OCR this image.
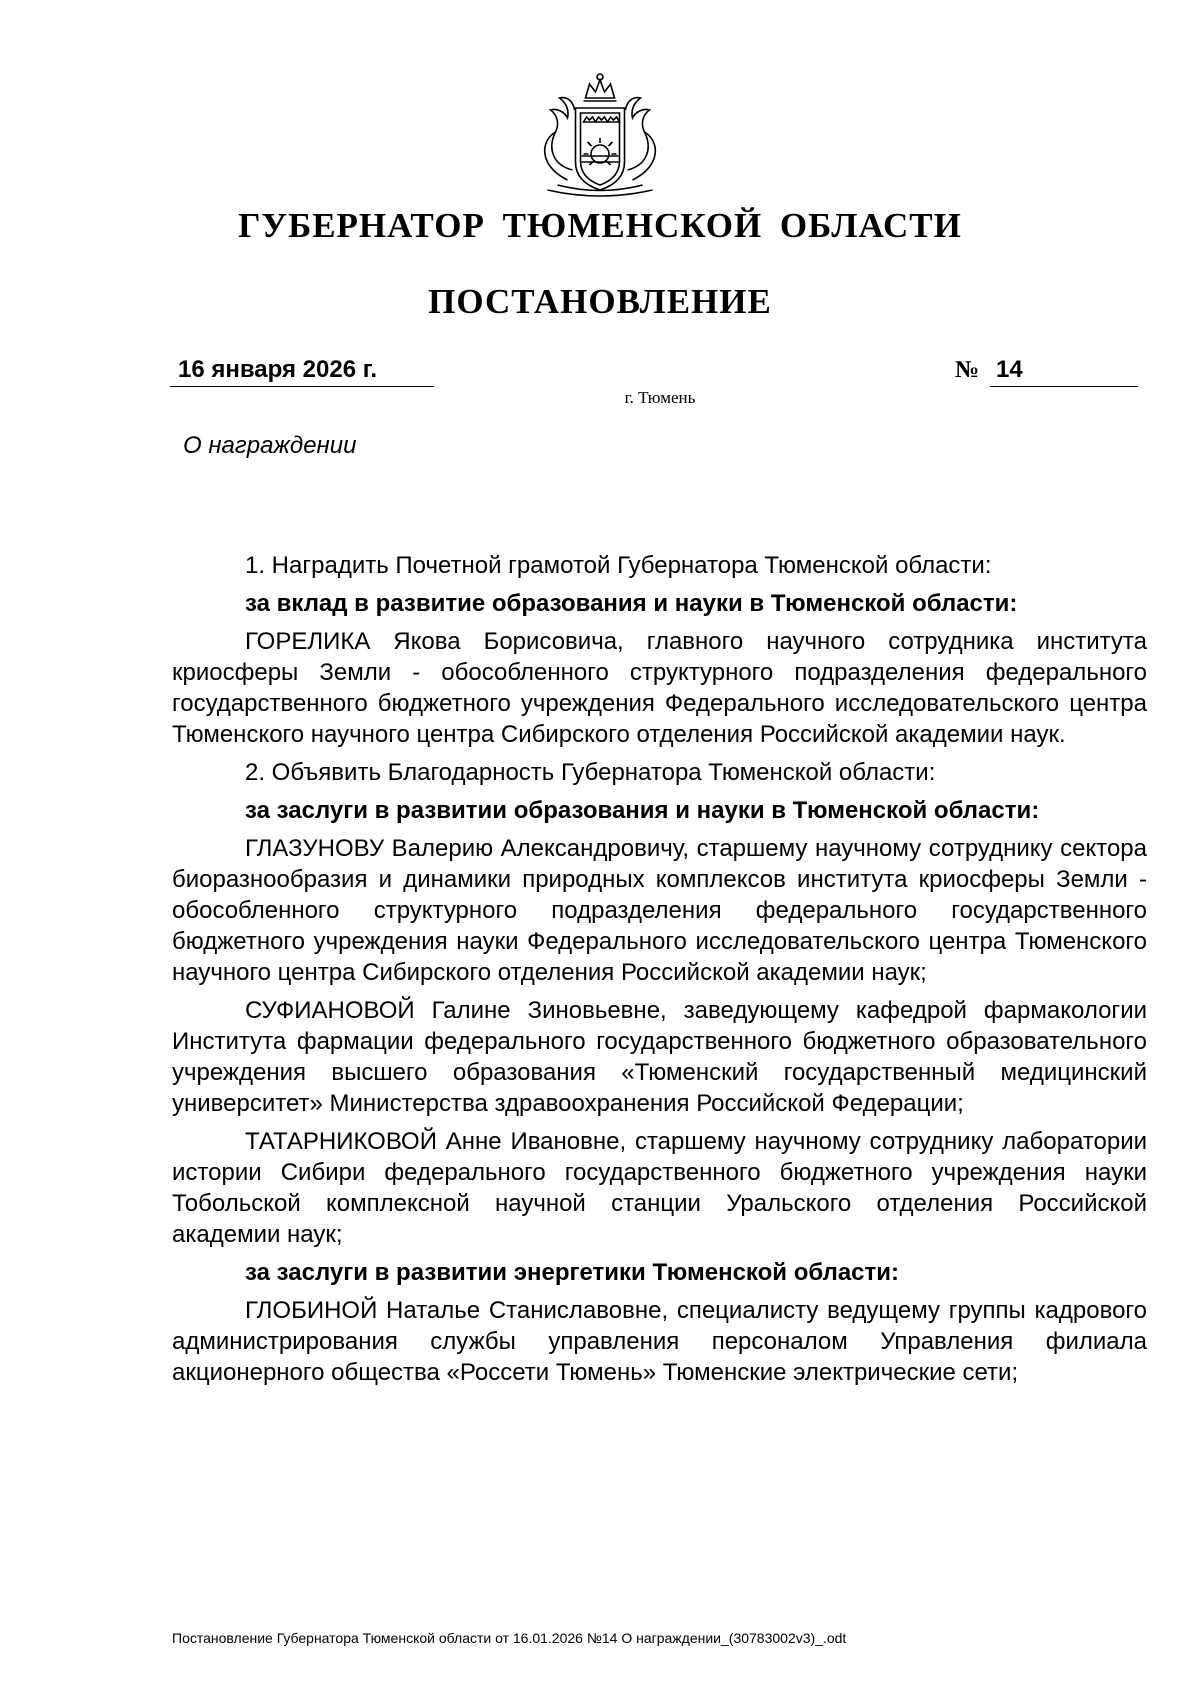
ГУБЕРНАТОР ТЮМЕНСКОЙ ОБЛАСТИ
ПОСТАНОВЛЕНИЕ
16 января 2026 г.	№ 14
г. Тюмень
О награждении

1. Наградить Почетной грамотой Губернатора Тюменской области:

за вклад в развитие образования и науки в Тюменской области:

ГОРЕЛИКА Якова Борисовича, главного научного сотрудника института криосферы Земли - обособленного структурного подразделения федерального государственного бюджетного учреждения Федерального исследовательского центра Тюменского научного центра Сибирского отделения Российской академии наук.

2. Объявить Благодарность Губернатора Тюменской области:

за заслуги в развитии образования и науки в Тюменской области:

ГЛАЗУНОВУ Валерию Александровичу, старшему научному сотруднику сектора биоразнообразия и динамики природных комплексов института криосферы Земли - обособленного структурного подразделения федерального государственного бюджетного учреждения науки Федерального исследовательского центра Тюменского научного центра Сибирского отделения Российской академии наук;

СУФИАНОВОЙ Галине Зиновьевне, заведующему кафедрой фармакологии Института фармации федерального государственного бюджетного образовательного учреждения высшего образования «Тюменский государственный медицинский университет» Министерства здравоохранения Российской Федерации;

ТАТАРНИКОВОЙ Анне Ивановне, старшему научному сотруднику лаборатории истории Сибири федерального государственного бюджетного учреждения науки Тобольской комплексной научной станции Уральского отделения Российской академии наук;

за заслуги в развитии энергетики Тюменской области:

ГЛОБИНОЙ Наталье Станиславовне, специалисту ведущему группы кадрового администрирования службы управления персоналом Управления филиала акционерного общества «Россети Тюмень» Тюменские электрические сети;

Постановление Губернатора Тюменской области от 16.01.2026 №14 О награждении_(30783002v3)_.odt
